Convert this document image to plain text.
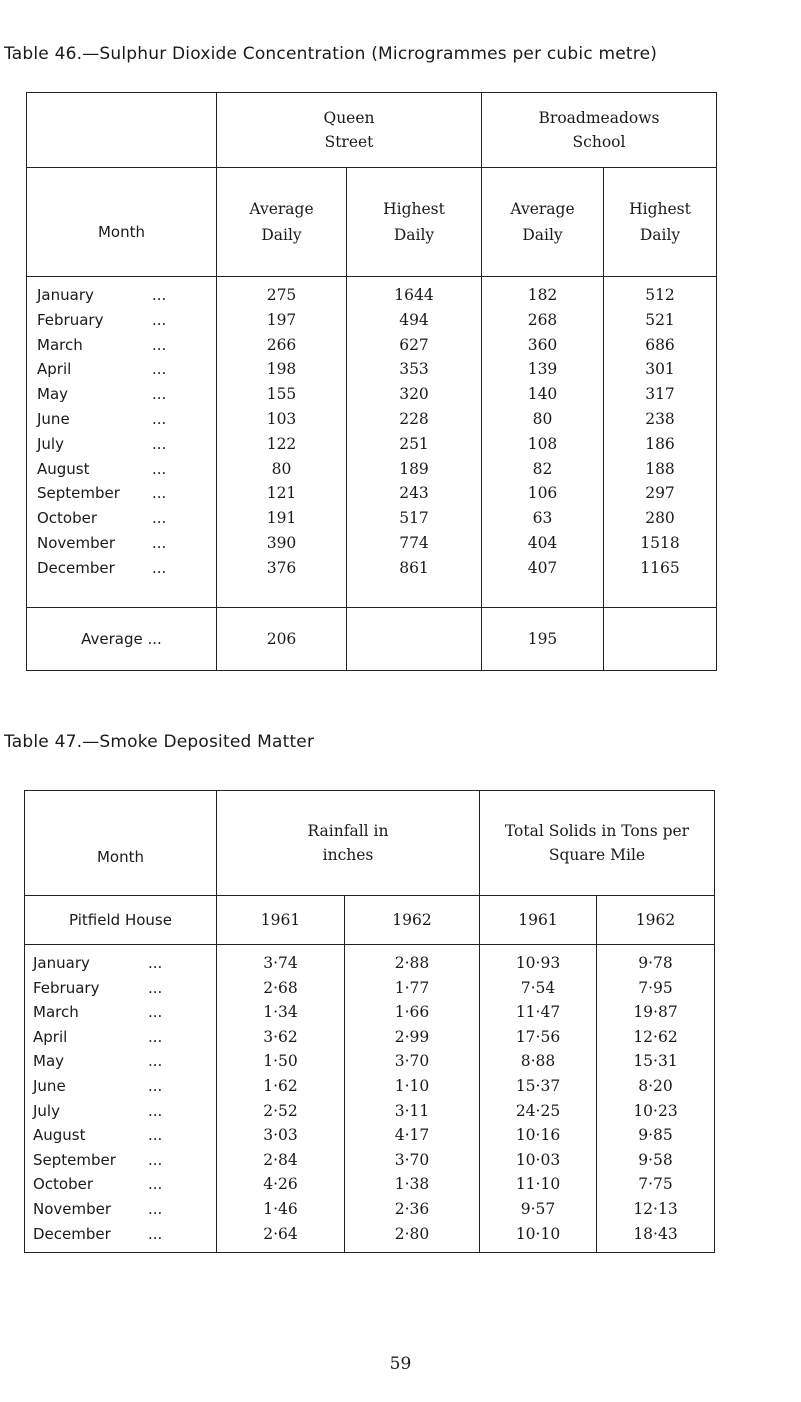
Table 46.—Sulphur Dioxide Concentration (Microgrammes per cubic metre)
	Queen Street		Broadmeadows School	
Month	Average Daily	Highest Daily	Average Daily	Highest Daily
January ...	275	1644	182	512
February ...	197	494	268	521
March ...	266	627	360	686
April ...	198	353	139	301
May ...	155	320	140	317
June ...	103	228	80	238
July ...	122	251	108	186
August ...	80	189	82	188
September ...	121	243	106	297
October ...	191	517	63	280
November ...	390	774	404	1518
December ...	376	861	407	1165

Average ...	206		195	
Table 47.—Smoke Deposited Matter
Month	Rainfall in inches		Total Solids in Tons per Square Mile	
Pitfield House	1961	1962	1961	1962
January ...	3·74	2·88	10·93	9·78
February ...	2·68	1·77	7·54	7·95
March ...	1·34	1·66	11·47	19·87
April ...	3·62	2·99	17·56	12·62
May ...	1·50	3·70	8·88	15·31
June ...	1·62	1·10	15·37	8·20
July ...	2·52	3·11	24·25	10·23
August ...	3·03	4·17	10·16	9·85
September ...	2·84	3·70	10·03	9·58
October ...	4·26	1·38	11·10	7·75
November ...	1·46	2·36	9·57	12·13
December ...	2·64	2·80	10·10	18·43
59
